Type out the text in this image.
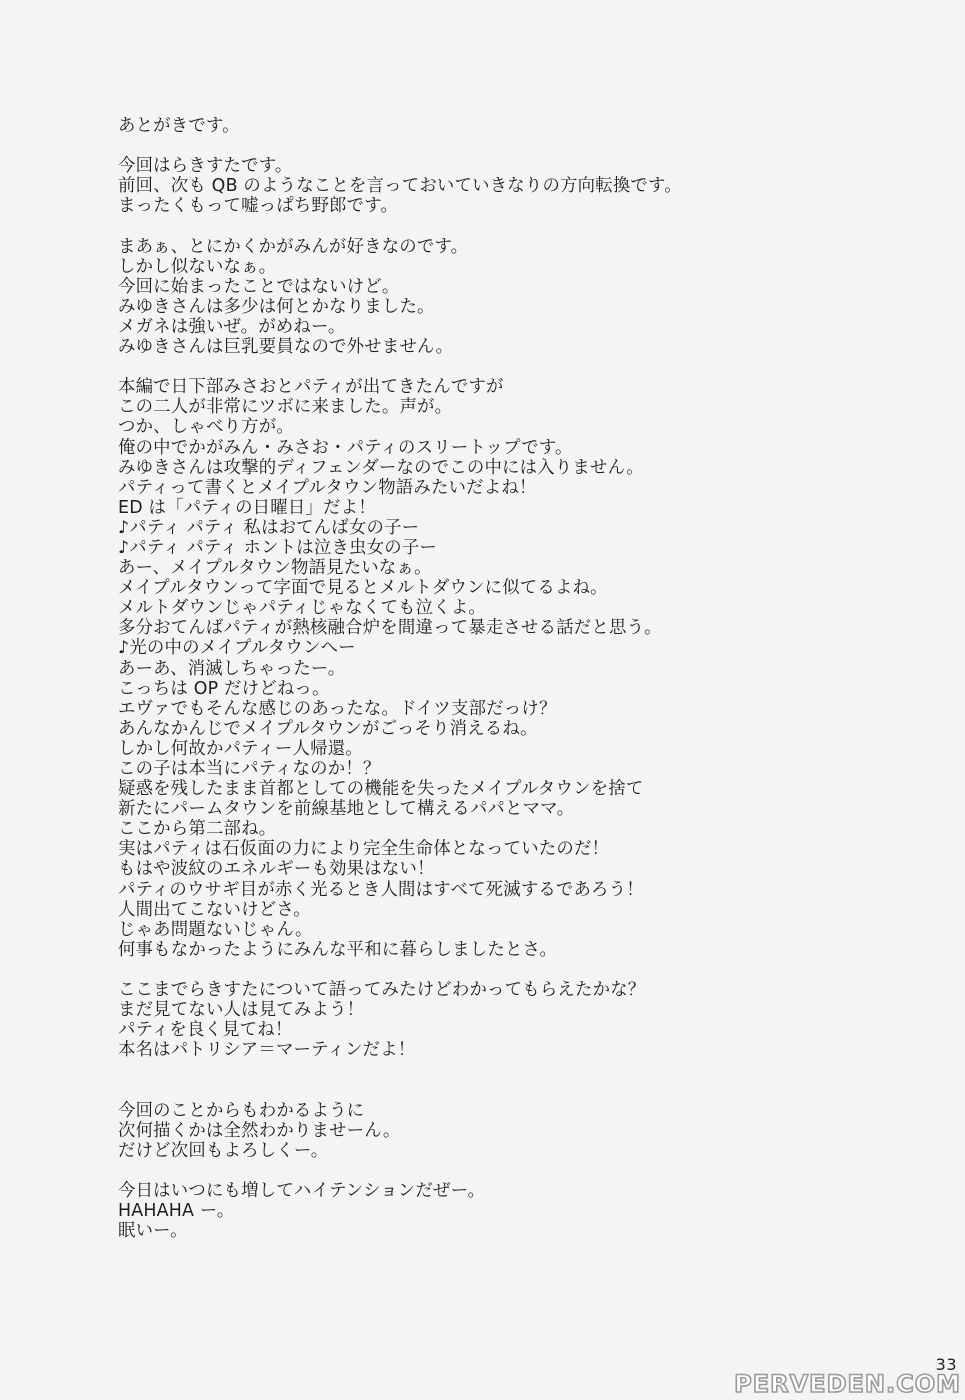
あとがきです。
今回はらきすたです。
前回、次も QB のようなことを言っておいていきなりの方向転換です。
まったくもって嘘っぱち野郎です。
まあぁ、とにかくかがみんが好きなのです。
しかし似ないなぁ。
今回に始まったことではないけど。
みゆきさんは多少は何とかなりました。
メガネは強いぜ。がめねー。
みゆきさんは巨乳要員なので外せません。
本編で日下部みさおとパティが出てきたんですが
この二人が非常にツボに来ました。声が。
つか、しゃべり方が。
俺の中でかがみん・みさお・パティのスリートップです。
みゆきさんは攻撃的ディフェンダーなのでこの中には入りません。
パティって書くとメイプルタウン物語みたいだよね！
ED は「パティの日曜日」だよ！
♪パティ パティ 私はおてんば女の子ー
♪パティ パティ ホントは泣き虫女の子ー
あー、メイプルタウン物語見たいなぁ。
メイプルタウンって字面で見るとメルトダウンに似てるよね。
メルトダウンじゃパティじゃなくても泣くよ。
多分おてんばパティが熱核融合炉を間違って暴走させる話だと思う。
♪光の中のメイプルタウンへー
あーあ、消滅しちゃったー。
こっちは OP だけどねっ。
エヴァでもそんな感じのあったな。ドイツ支部だっけ？
あんなかんじでメイプルタウンがごっそり消えるね。
しかし何故かパティー人帰還。
この子は本当にパティなのか！？
疑惑を残したまま首都としての機能を失ったメイプルタウンを捨て
新たにパームタウンを前線基地として構えるパパとママ。
ここから第二部ね。
実はパティは石仮面の力により完全生命体となっていたのだ！
もはや波紋のエネルギーも効果はない！
パティのウサギ目が赤く光るとき人間はすべて死滅するであろう！
人間出てこないけどさ。
じゃあ問題ないじゃん。
何事もなかったようにみんな平和に暮らしましたとさ。
ここまでらきすたについて語ってみたけどわかってもらえたかな？
まだ見てない人は見てみよう！
パティを良く見てね！
本名はパトリシア＝マーティンだよ！
今回のことからもわかるように
次何描くかは全然わかりませーん。
だけど次回もよろしくー。
今日はいつにも増してハイテンションだぜー。
HAHAHA ー。
眠いー。
33
PERVEDEN.COM
